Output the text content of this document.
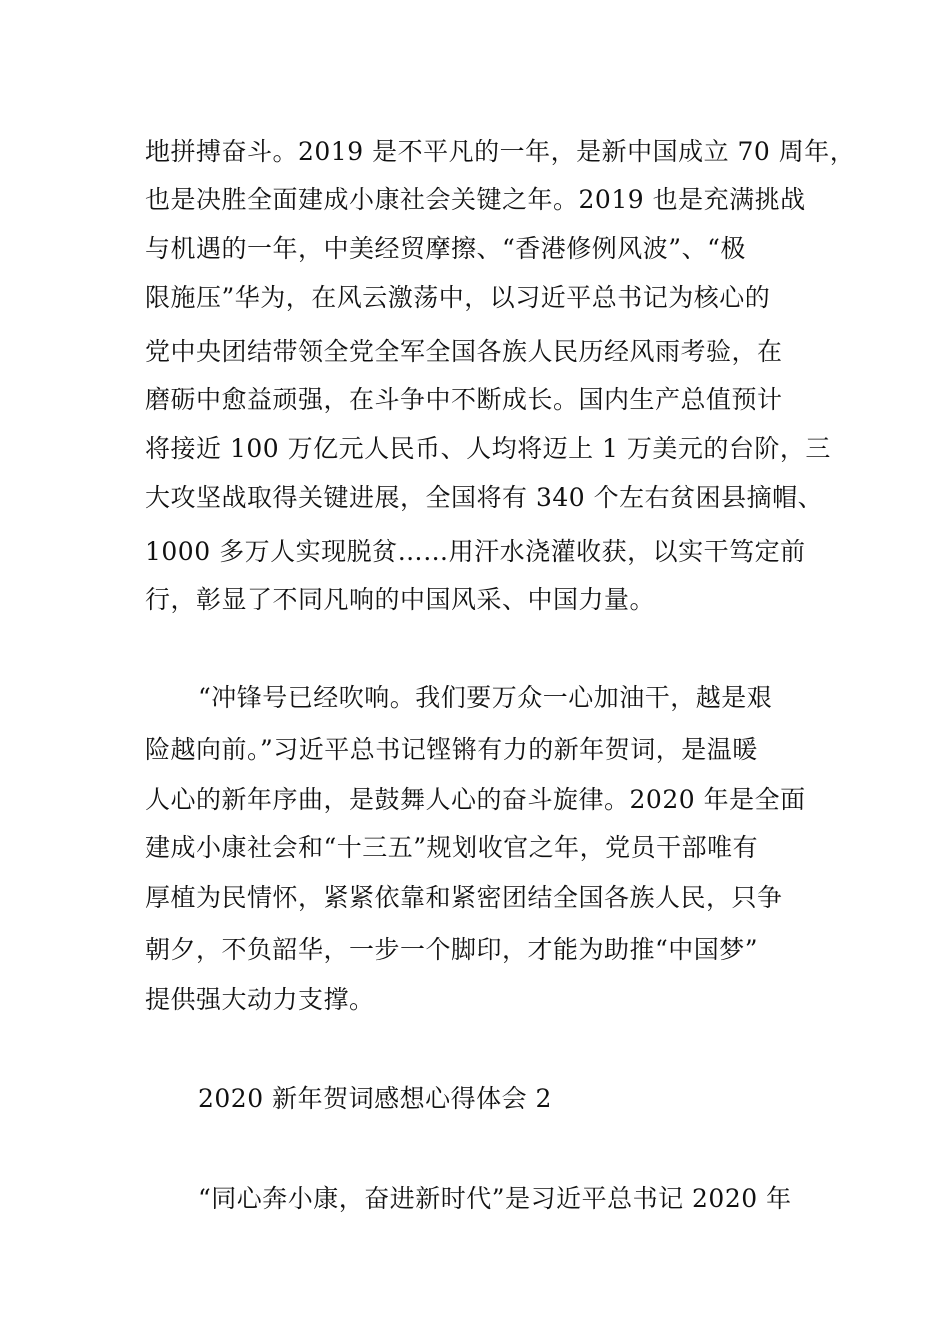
地拼搏奋斗。2019 是不平凡的一年，是新中国成立 70 周年，
也是决胜全面建成小康社会关键之年。2019 也是充满挑战
与机遇的一年，中美经贸摩擦、“香港修例风波”、“极
限施压”华为，在风云激荡中，以习近平总书记为核心的
党中央团结带领全党全军全国各族人民历经风雨考验，在
磨砺中愈益顽强，在斗争中不断成长。国内生产总值预计
将接近 100 万亿元人民币、人均将迈上 1 万美元的台阶，三
大攻坚战取得关键进展，全国将有 340 个左右贫困县摘帽、
1000 多万人实现脱贫……用汗水浇灌收获，以实干笃定前
行，彰显了不同凡响的中国风采、中国力量。
“冲锋号已经吹响。我们要万众一心加油干，越是艰
险越向前。”习近平总书记铿锵有力的新年贺词，是温暖
人心的新年序曲，是鼓舞人心的奋斗旋律。2020 年是全面
建成小康社会和“十三五”规划收官之年，党员干部唯有
厚植为民情怀，紧紧依靠和紧密团结全国各族人民，只争
朝夕，不负韶华，一步一个脚印，才能为助推“中国梦”
提供强大动力支撑。
2020 新年贺词感想心得体会 2
“同心奔小康，奋进新时代”是习近平总书记 2020 年
